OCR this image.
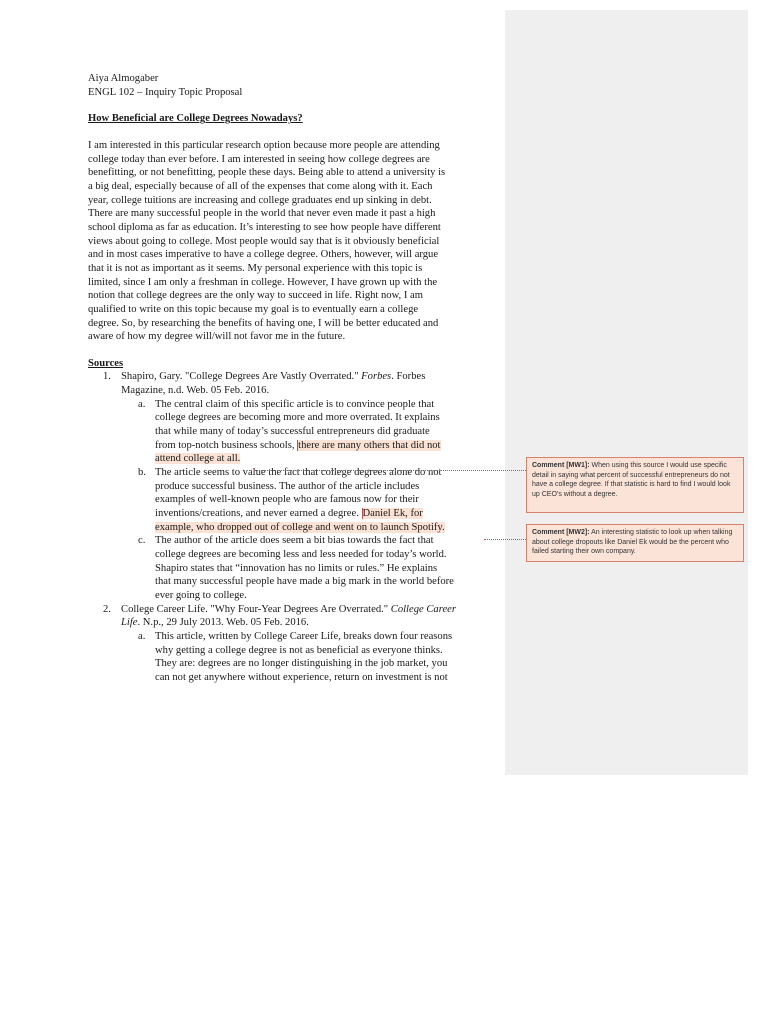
Aiya Almogaber
ENGL 102 – Inquiry Topic Proposal
How Beneficial are College Degrees Nowadays?
I am interested in this particular research option because more people are attending
college today than ever before. I am interested in seeing how college degrees are
benefitting, or not benefitting, people these days. Being able to attend a university is
a big deal, especially because of all of the expenses that come along with it. Each
year, college tuitions are increasing and college graduates end up sinking in debt.
There are many successful people in the world that never even made it past a high
school diploma as far as education. It’s interesting to see how people have different
views about going to college. Most people would say that is it obviously beneficial
and in most cases imperative to have a college degree. Others, however, will argue
that it is not as important as it seems. My personal experience with this topic is
limited, since I am only a freshman in college. However, I have grown up with the
notion that college degrees are the only way to succeed in life. Right now, I am
qualified to write on this topic because my goal is to eventually earn a college
degree. So, by researching the benefits of having one, I will be better educated and
aware of how my degree will/will not favor me in the future.
Sources
1. Shapiro, Gary. "College Degrees Are Vastly Overrated." Forbes. Forbes
Magazine, n.d. Web. 05 Feb. 2016.
a. The central claim of this specific article is to convince people that
college degrees are becoming more and more overrated. It explains
that while many of today’s successful entrepreneurs did graduate
from top-notch business schools, there are many others that did not
attend college at all.
b. The article seems to value the fact that college degrees alone do not
produce successful business. The author of the article includes
examples of well-known people who are famous now for their
inventions/creations, and never earned a degree. Daniel Ek, for
example, who dropped out of college and went on to launch Spotify.
c. The author of the article does seem a bit bias towards the fact that
college degrees are becoming less and less needed for today’s world.
Shapiro states that “innovation has no limits or rules.” He explains
that many successful people have made a big mark in the world before
ever going to college.
2. College Career Life. "Why Four-Year Degrees Are Overrated." College Career
Life. N.p., 29 July 2013. Web. 05 Feb. 2016.
a. This article, written by College Career Life, breaks down four reasons
why getting a college degree is not as beneficial as everyone thinks.
They are: degrees are no longer distinguishing in the job market, you
can not get anywhere without experience, return on investment is not
Comment [MW1]: When using this source I would use specific detail in saying what percent of successful entrepreneurs do not have a college degree. If that statistic is hard to find I would look up CEO’s without a degree.
Comment [MW2]: An interesting statistic to look up when talking about college dropouts like Daniel Ek would be the percent who failed starting their own company.
